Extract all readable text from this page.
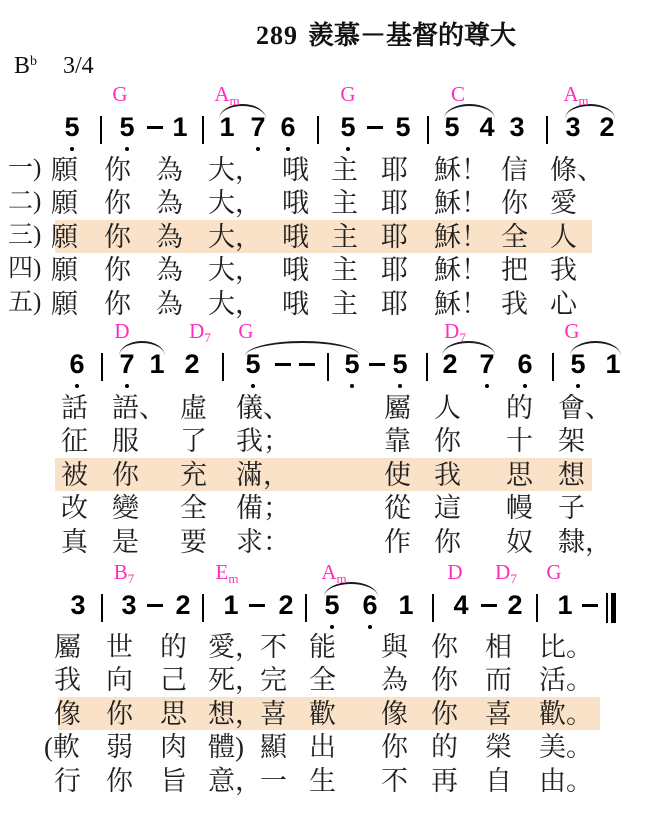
289 羨慕－基督的尊大
$B^b$ 3/4
G	$A_m$	G	C	$A_m$
5 5 1 1 7 6 5 5 5 4 3 3 2
D	$D_7$ G	$D_7$	G
6 7 1 2 5	5 5 2 7 6 5 1
$B_7$	$E_m$	$A_m$	D $D_7$ G
3 3 2 1 2 5 6 1 4 2 1
一) 願 你 為 大， 哦 主 耶 穌！ 信 條、
二) 願 你 為 大， 哦 主 耶 穌！ 你 愛
三) 願 你 為 大， 哦 主 耶 穌！ 全 人
四) 願 你 為 大， 哦 主 耶 穌！ 把 我
五) 願 你 為 大， 哦 主 耶 穌！ 我 心
話 語、 虛 儀、	屬 人 的 會、
征 服 了 我；	靠 你 十 架
被 你 充 滿，	使 我 思 想
改 變 全 備；	從 這 幔 子
真 是 要 求：	作 你 奴 隸，
屬 世 的 愛，
不 能 與 你 相 比。
我 向 己 死，
完 全 為 你 而 活。
像 你 思 想，
喜 歡 像 你 喜 歡。
(軟 弱 肉 體) 顯 出 你 的 榮 美。
行 你 旨 意，
一 生 不 再 自 由。
